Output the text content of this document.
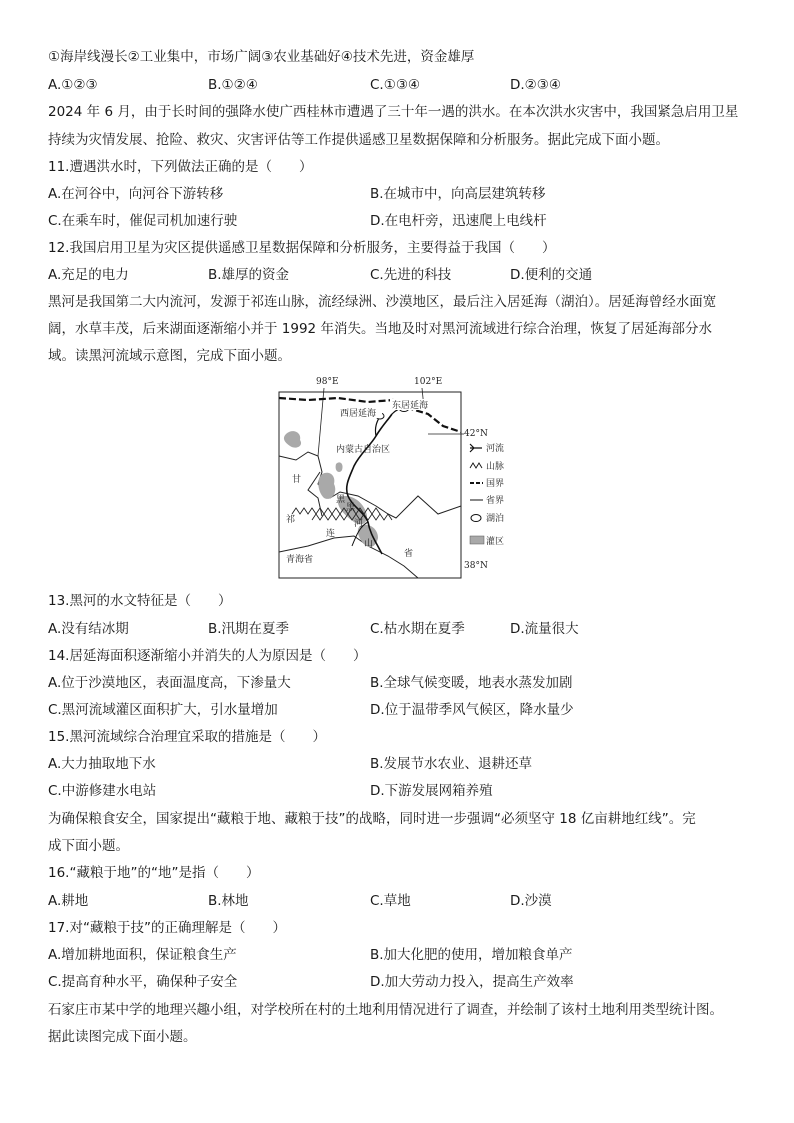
①海岸线漫长②工业集中，市场广阔③农业基础好④技术先进，资金雄厚
A.①②③	B.①②④	C.①③④	D.②③④
2024 年 6 月，由于长时间的强降水使广西桂林市遭遇了三十年一遇的洪水。在本次洪水灾害中，我国紧急启用卫星
持续为灾情发展、抢险、救灾、灾害评估等工作提供遥感卫星数据保障和分析服务。据此完成下面小题。
11.遭遇洪水时，下列做法正确的是（　　）
A.在河谷中，向河谷下游转移	B.在城市中，向高层建筑转移
C.在乘车时，催促司机加速行驶	D.在电杆旁，迅速爬上电线杆
12.我国启用卫星为灾区提供遥感卫星数据保障和分析服务，主要得益于我国（　　）
A.充足的电力	B.雄厚的资金	C.先进的科技	D.便利的交通
黑河是我国第二大内流河，发源于祁连山脉，流经绿洲、沙漠地区，最后注入居延海（湖泊）。居延海曾经水面宽
阔，水草丰茂，后来湖面逐渐缩小并于 1992 年消失。当地及时对黑河流域进行综合治理，恢复了居延海部分水
域。读黑河流域示意图，完成下面小题。
98°E	102°E
西居延海
东居延海
内蒙古自治区
甘
黑
祁
黑
河
连
山
省
青海省
42°N
38°N
河流
山脉
国界
省界
湖泊
灌区
13.黑河的水文特征是（　　）
A.没有结冰期	B.汛期在夏季	C.枯水期在夏季	D.流量很大
14.居延海面积逐渐缩小并消失的人为原因是（　　）
A.位于沙漠地区，表面温度高，下渗量大	B.全球气候变暖，地表水蒸发加剧
C.黑河流域灌区面积扩大，引水量增加	D.位于温带季风气候区，降水量少
15.黑河流域综合治理宜采取的措施是（　　）
A.大力抽取地下水	B.发展节水农业、退耕还草
C.中游修建水电站	D.下游发展网箱养殖
为确保粮食安全，国家提出“藏粮于地、藏粮于技”的战略，同时进一步强调“必须坚守 18 亿亩耕地红线”。完
成下面小题。
16.“藏粮于地”的“地”是指（　　）
A.耕地	B.林地	C.草地	D.沙漠
17.对“藏粮于技”的正确理解是（　　）
A.增加耕地面积，保证粮食生产	B.加大化肥的使用，增加粮食单产
C.提高育种水平，确保种子安全	D.加大劳动力投入，提高生产效率
石家庄市某中学的地理兴趣小组，对学校所在村的土地利用情况进行了调查，并绘制了该村土地利用类型统计图。
据此读图完成下面小题。
